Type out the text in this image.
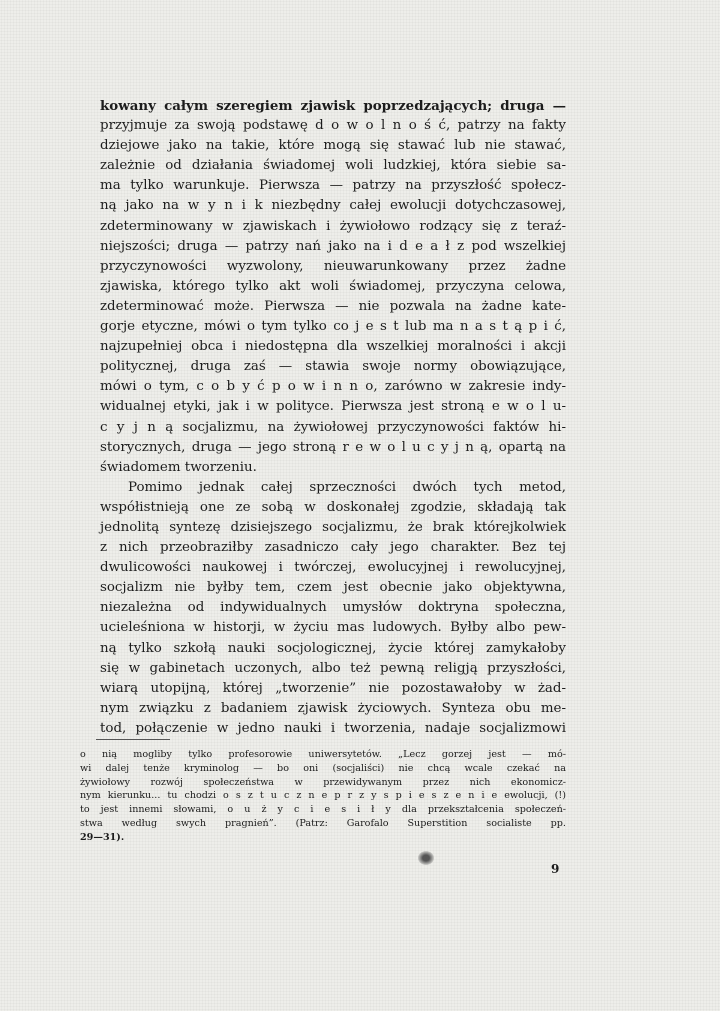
kowany całym szeregiem zjawisk poprzedzających; druga —
przyjmuje za swoją podstawę d o w o l n o ś ć, patrzy na fakty
dziejowe jako na takie, które mogą się stawać lub nie stawać,
zależnie od działania świadomej woli ludzkiej, która siebie sa-
ma tylko warunkuje. Pierwsza — patrzy na przyszłość społecz-
ną jako na w y n i k niezbędny całej ewolucji dotychczasowej,
zdeterminowany w zjawiskach i żywiołowo rodzący się z teraź-
niejszości; druga — patrzy nań jako na i d e a ł z pod wszelkiej
przyczynowości wyzwolony, nieuwarunkowany przez żadne
zjawiska, którego tylko akt woli świadomej, przyczyna celowa,
zdeterminować może. Pierwsza — nie pozwala na żadne kate-
gorje etyczne, mówi o tym tylko co j e s t lub ma n a s t ą p i ć,
najzupełniej obca i niedostępna dla wszelkiej moralności i akcji
politycznej, druga zaś — stawia swoje normy obowiązujące,
mówi o tym, c o b y ć p o w i n n o, zarówno w zakresie indy-
widualnej etyki, jak i w polityce. Pierwsza jest stroną e w o l u-
c y j n ą socjalizmu, na żywiołowej przyczynowości faktów hi-
storycznych, druga — jego stroną r e w o l u c y j n ą, opartą na
świadomem tworzeniu.
Pomimo jednak całej sprzeczności dwóch tych metod,
współistnieją one ze sobą w doskonałej zgodzie, składają tak
jednolitą syntezę dzisiejszego socjalizmu, że brak którejkolwiek
z nich przeobraziłby zasadniczo cały jego charakter. Bez tej
dwulicowości naukowej i twórczej, ewolucyjnej i rewolucyjnej,
socjalizm nie byłby tem, czem jest obecnie jako objektywna,
niezależna od indywidualnych umysłów doktryna społeczna,
ucieleśniona w historji, w życiu mas ludowych. Byłby albo pew-
ną tylko szkołą nauki socjologicznej, życie której zamykałoby
się w gabinetach uczonych, albo też pewną religją przyszłości,
wiarą utopijną, której „tworzenie” nie pozostawałoby w żad-
nym związku z badaniem zjawisk życiowych. Synteza obu me-
tod, połączenie w jedno nauki i tworzenia, nadaje socjalizmowi
o nią mogliby tylko profesorowie uniwersytetów. „Lecz gorzej jest — mó-
wi dalej tenże kryminolog — bo oni (socjaliści) nie chcą wcale czekać na
żywiołowy rozwój społeczeństwa w przewidywanym przez nich ekonomicz-
nym kierunku... tu chodzi o s z t u c z n e p r z y s p i e s z e n i e ewolucji, (!)
to jest innemi słowami, o u ż y c i e s i ł y dla przekształcenia społeczeń-
stwa według swych pragnień”. (Patrz: Garofalo Superstition socialiste pp.
29—31).
9
